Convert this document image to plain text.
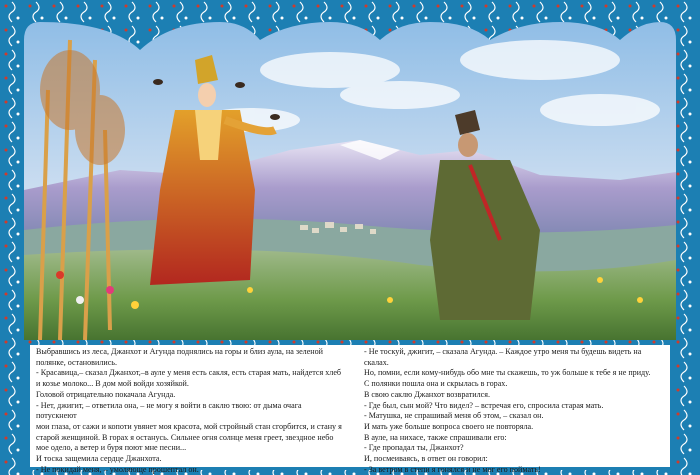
Выбравшись из леса, Джанхот и Агунда поднялись на горы и близ аула, на зеленой

полянке, остановились.

- Красавица,– сказал Джанхот,–в ауле у меня есть сакля, есть старая мать, найдется хлеб

и козье молоко... В дом мой войди хозяйкой.

Головой отрицательно покачала Агунда.

- Нет, джигит, – ответила она, – не могу я войти в саклю твою: от дыма очага потускнеют

мои глаза, от сажи и копоти увянет моя красота, мой стройный стан сгорбится, и стану я

старой женщиной. В горах я останусь. Сильнее огня солнце меня греет, звездное небо

мое одело, а ветер и буря поют мне песни...

И тоска защемила сердце Джанхота.

- Не покидай меня, – умоляюще прошептал он.

- Не тоскуй, джигит, – сказала Агунда. – Каждое утро меня ты будешь видеть на скалах.

Но, помни, если кому-нибудь обо мне ты скажешь, то уж больше к тебе я не приду.

С полянки пошла она и скрылась в горах.

В свою саклю Джанхот возвратился.

- Где был, сын мой? Что видел? – встречая его, спросила старая мать.

- Матушка, не спрашивай меня об этом, – сказал он.

И мать уже больше вопроса своего не повторяла.

В ауле, на нихасе, также спрашивали его:

- Где пропадал ты, Джанхот?

И, посмеиваясь, в ответ он говорил:

- За ветром в степи я гонялся и не мог его поймать!
